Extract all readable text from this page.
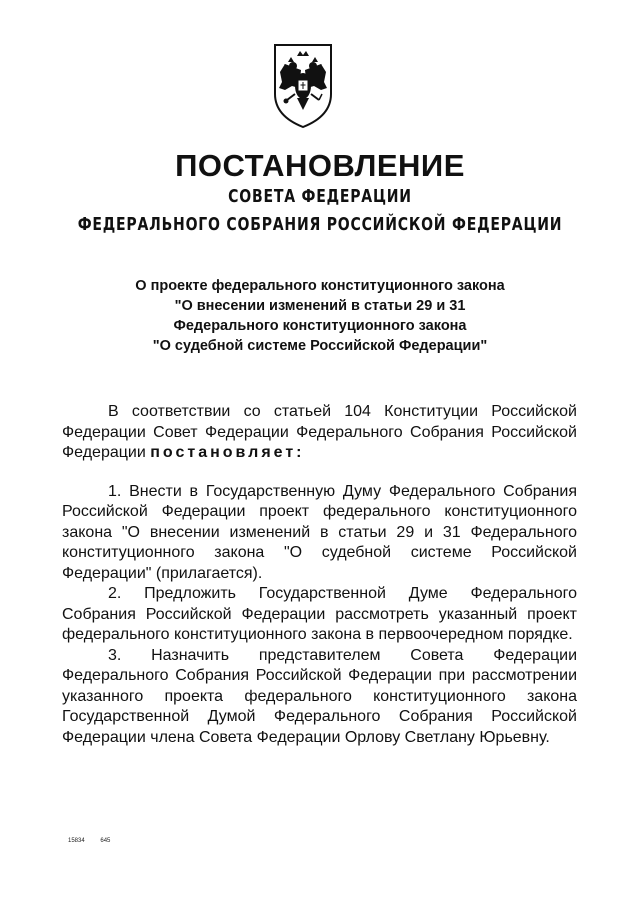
ПОСТАНОВЛЕНИЕ
СОВЕТА ФЕДЕРАЦИИ
ФЕДЕРАЛЬНОГО СОБРАНИЯ РОССИЙСКОЙ ФЕДЕРАЦИИ
О проекте федерального конституционного закона
"О внесении изменений в статьи 29 и 31
Федерального конституционного закона
"О судебной системе Российской Федерации"

В соответствии со статьей 104 Конституции Российской Федерации Совет Федерации Федерального Собрания Российской Федерации постановляет:

1. Внести в Государственную Думу Федерального Собрания Российской Федерации проект федерального конституционного закона "О внесении изменений в статьи 29 и 31 Федерального конституционного закона "О судебной системе Российской Федерации" (прилагается).

2. Предложить Государственной Думе Федерального Собрания Российской Федерации рассмотреть указанный проект федерального конституционного закона в первоочередном порядке.

3. Назначить представителем Совета Федерации Федерального Собрания Российской Федерации при рассмотрении указанного проекта федерального конституционного закона Государственной Думой Федерального Собрания Российской Федерации члена Совета Федерации Орлову Светлану Юрьевну.

15834	645
